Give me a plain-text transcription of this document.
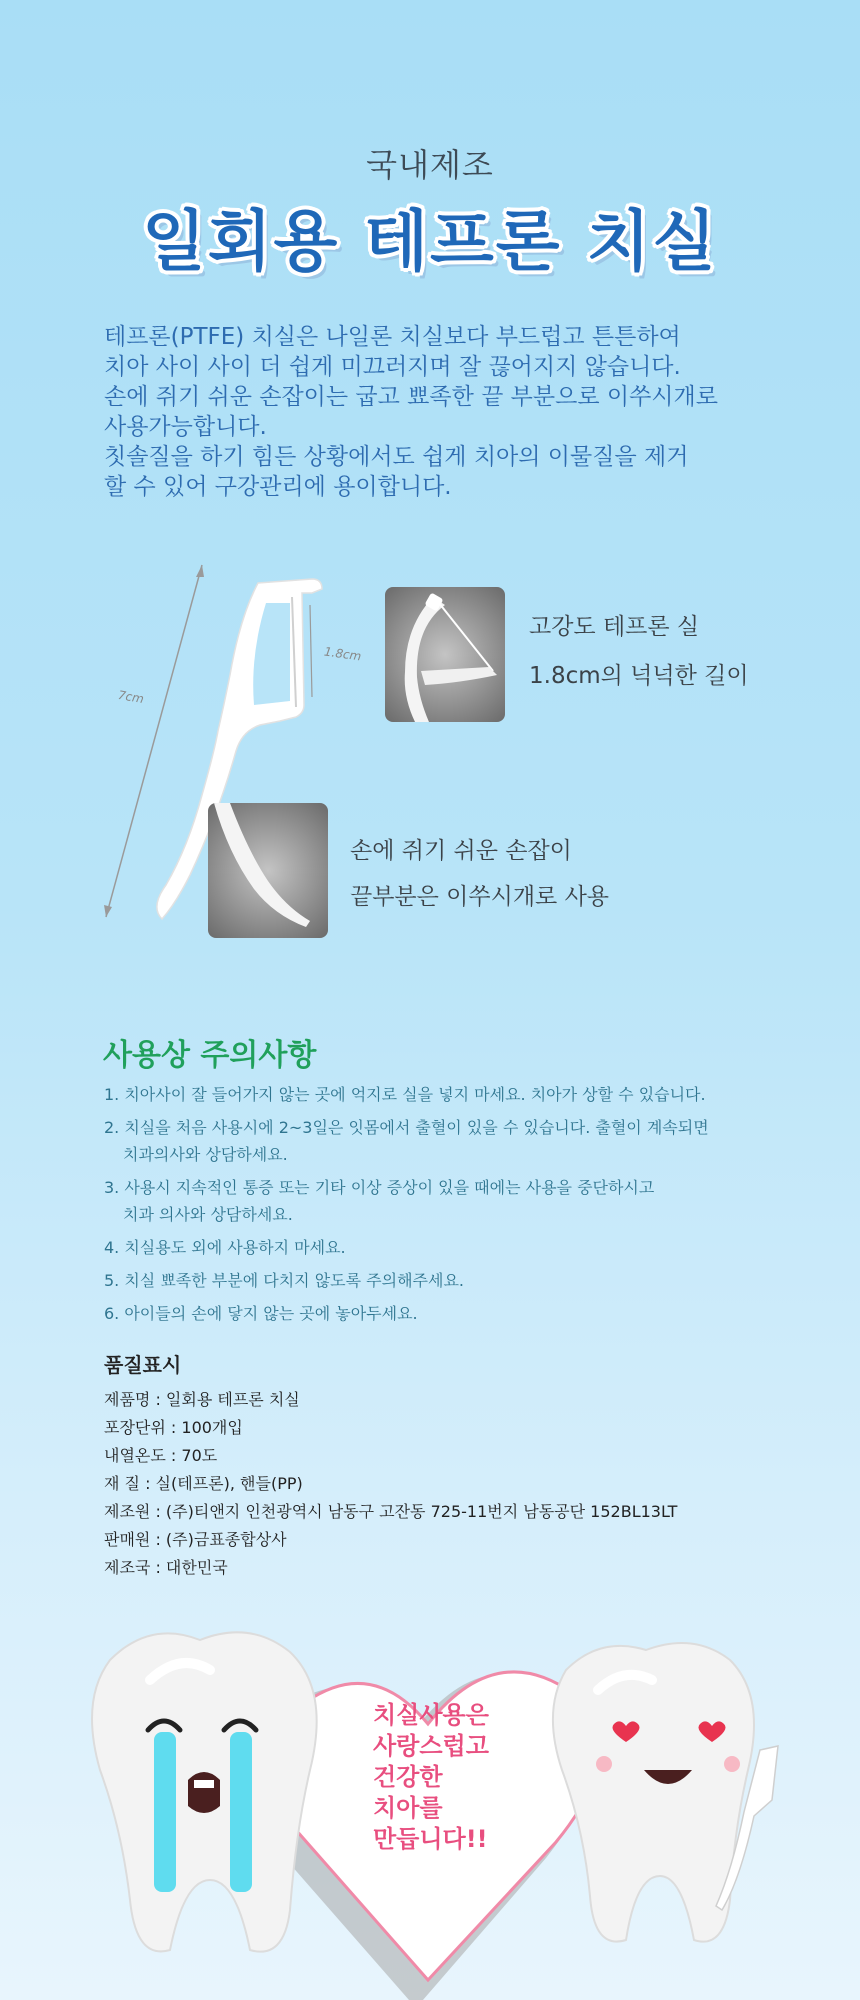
국내제조
일회용 테프론 치실
테프론(PTFE) 치실은 나일론 치실보다 부드럽고 튼튼하여
치아 사이 사이 더 쉽게 미끄러지며 잘 끊어지지 않습니다.
손에 쥐기 쉬운 손잡이는 굽고 뾰족한 끝 부분으로 이쑤시개로
사용가능합니다.
칫솔질을 하기 힘든 상황에서도 쉽게 치아의 이물질을 제거
할 수 있어 구강관리에 용이합니다.
7cm
1.8cm
고강도 테프론 실
1.8cm의 넉넉한 길이
손에 쥐기 쉬운 손잡이
끝부분은 이쑤시개로 사용
사용상 주의사항
1. 치아사이 잘 들어가지 않는 곳에 억지로 실을 넣지 마세요. 치아가 상할 수 있습니다.
2. 치실을 처음 사용시에 2~3일은 잇몸에서 출혈이 있을 수 있습니다. 출혈이 계속되면
치과의사와 상담하세요.
3. 사용시 지속적인 통증 또는 기타 이상 증상이 있을 때에는 사용을 중단하시고
치과 의사와 상담하세요.
4. 치실용도 외에 사용하지 마세요.
5. 치실 뾰족한 부분에 다치지 않도록 주의해주세요.
6. 아이들의 손에 닿지 않는 곳에 놓아두세요.
품질표시
제품명 : 일회용 테프론 치실
포장단위 : 100개입
내열온도 : 70도
재 질 : 실(테프론), 핸들(PP)
제조원 : (주)티앤지 인천광역시 남동구 고잔동 725-11번지 남동공단 152BL13LT
판매원 : (주)금표종합상사
제조국 : 대한민국
치실사용은
사랑스럽고
건강한
치아를
만듭니다!!
